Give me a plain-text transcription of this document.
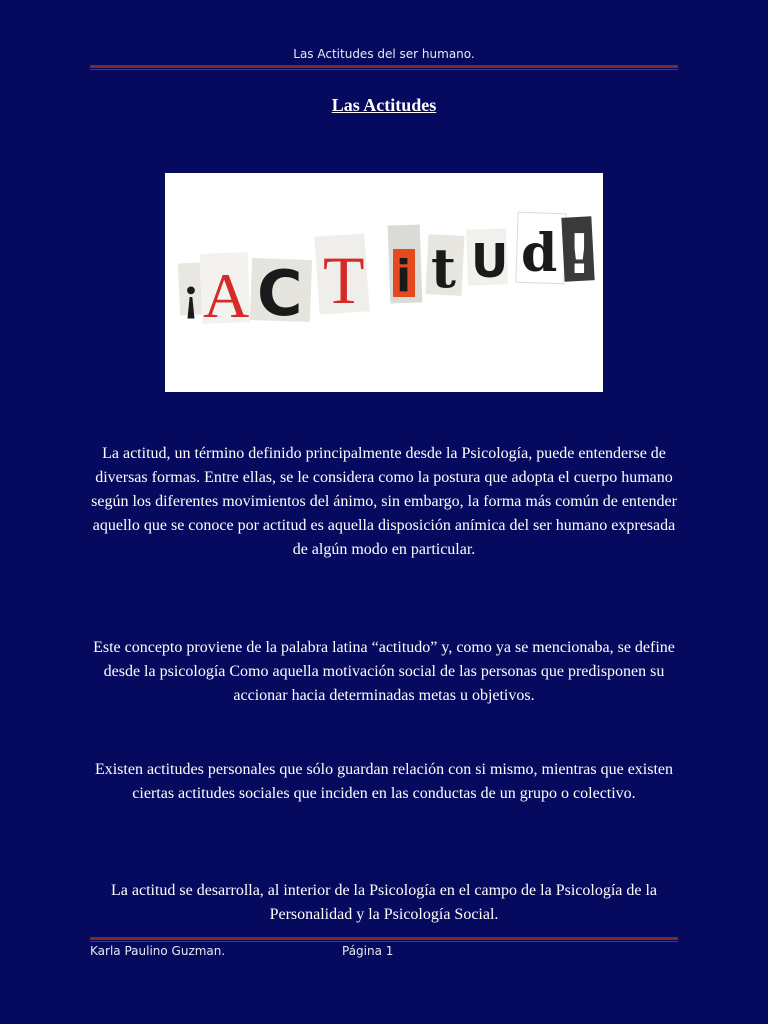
Las Actitudes del ser humano.
Las Actitudes
¡ A C T i t U d !
La actitud, un término definido principalmente desde la Psicología, puede entenderse de diversas formas. Entre ellas, se le considera como la postura que adopta el cuerpo humano según los diferentes movimientos del ánimo, sin embargo, la forma más común de entender aquello que se conoce por actitud es aquella disposición anímica del ser humano expresada de algún modo en particular.
Este concepto proviene de la palabra latina “actitudo” y, como ya se mencionaba, se define desde la psicología Como aquella motivación social de las personas que predisponen su accionar hacia determinadas metas u objetivos.
Existen actitudes personales que sólo guardan relación con si mismo, mientras que existen ciertas actitudes sociales que inciden en las conductas de un grupo o colectivo.
La actitud se desarrolla, al interior de la Psicología en el campo de la Psicología de la Personalidad y la Psicología Social.
Karla Paulino Guzman.	Página 1
